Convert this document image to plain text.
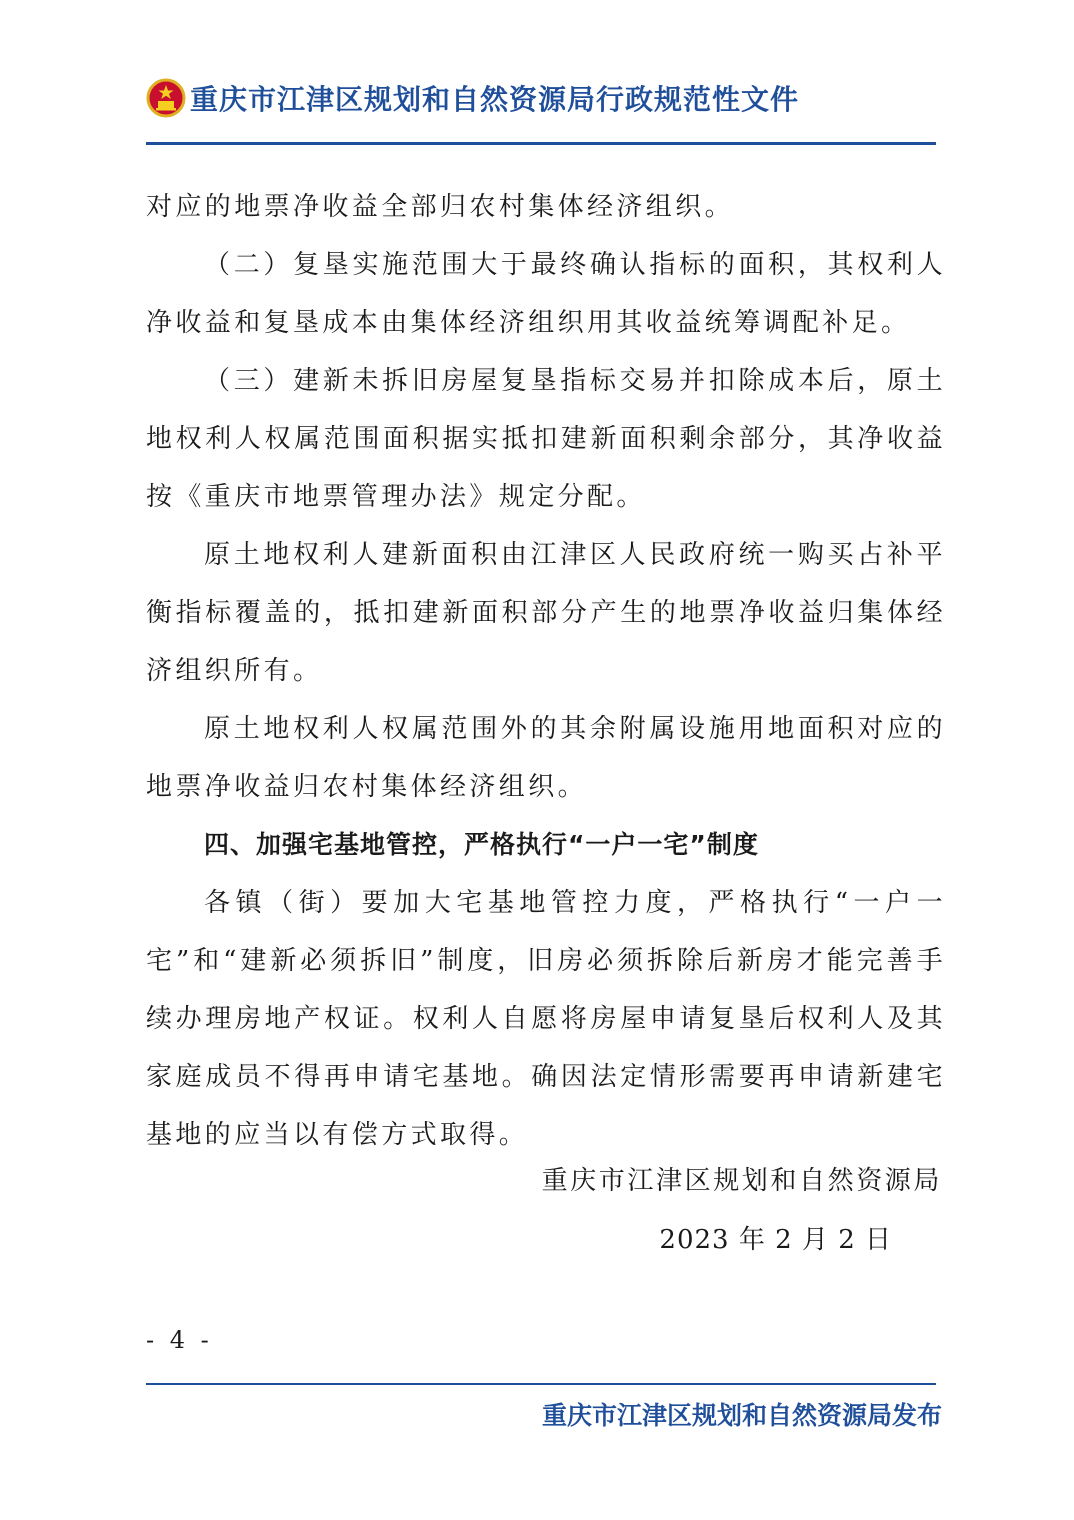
重庆市江津区规划和自然资源局行政规范性文件

对应的地票净收益全部归农村集体经济组织。

（二）复垦实施范围大于最终确认指标的面积，其权利人净收益和复垦成本由集体经济组织用其收益统筹调配补足。

（三）建新未拆旧房屋复垦指标交易并扣除成本后，原土地权利人权属范围面积据实抵扣建新面积剩余部分，其净收益按《重庆市地票管理办法》规定分配。

原土地权利人建新面积由江津区人民政府统一购买占补平衡指标覆盖的，抵扣建新面积部分产生的地票净收益归集体经济组织所有。

原土地权利人权属范围外的其余附属设施用地面积对应的地票净收益归农村集体经济组织。

四、加强宅基地管控，严格执行“一户一宅”制度

各镇（街）要加大宅基地管控力度，严格执行“一户一宅”和“建新必须拆旧”制度，旧房必须拆除后新房才能完善手续办理房地产权证。权利人自愿将房屋申请复垦后权利人及其家庭成员不得再申请宅基地。确因法定情形需要再申请新建宅基地的应当以有偿方式取得。

重庆市江津区规划和自然资源局
2023 年 2 月 2 日
- 4 -
重庆市江津区规划和自然资源局发布
